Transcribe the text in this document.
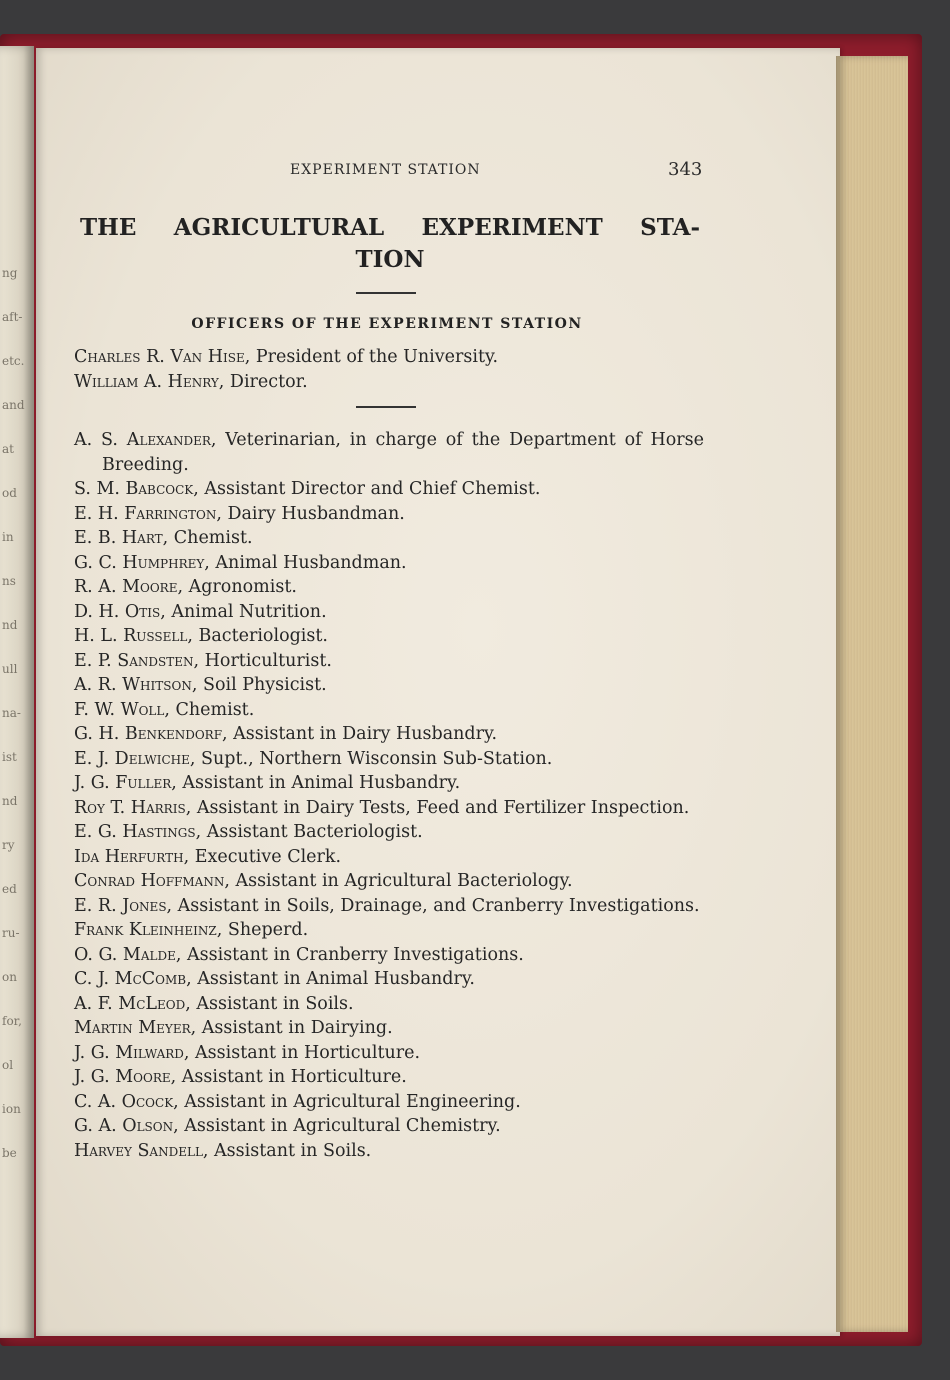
ng
aft-
etc.
and
at
od
in
ns
nd
ull
na-
ist
nd
ry
ed
ru-
on
for,
ol
ion
be
EXPERIMENT STATION	343
THE AGRICULTURAL EXPERIMENT STA-
TION
OFFICERS OF THE EXPERIMENT STATION
Charles R. Van Hise, President of the University.
William A. Henry, Director.
A. S. Alexander, Veterinarian, in charge of the Department of Horse Breeding.
S. M. Babcock, Assistant Director and Chief Chemist.
E. H. Farrington, Dairy Husbandman.
E. B. Hart, Chemist.
G. C. Humphrey, Animal Husbandman.
R. A. Moore, Agronomist.
D. H. Otis, Animal Nutrition.
H. L. Russell, Bacteriologist.
E. P. Sandsten, Horticulturist.
A. R. Whitson, Soil Physicist.
F. W. Woll, Chemist.
G. H. Benkendorf, Assistant in Dairy Husbandry.
E. J. Delwiche, Supt., Northern Wisconsin Sub-Station.
J. G. Fuller, Assistant in Animal Husbandry.
Roy T. Harris, Assistant in Dairy Tests, Feed and Fertilizer Inspection.
E. G. Hastings, Assistant Bacteriologist.
Ida Herfurth, Executive Clerk.
Conrad Hoffmann, Assistant in Agricultural Bacteriology.
E. R. Jones, Assistant in Soils, Drainage, and Cranberry Investigations.
Frank Kleinheinz, Sheperd.
O. G. Malde, Assistant in Cranberry Investigations.
C. J. McComb, Assistant in Animal Husbandry.
A. F. McLeod, Assistant in Soils.
Martin Meyer, Assistant in Dairying.
J. G. Milward, Assistant in Horticulture.
J. G. Moore, Assistant in Horticulture.
C. A. Ocock, Assistant in Agricultural Engineering.
G. A. Olson, Assistant in Agricultural Chemistry.
Harvey Sandell, Assistant in Soils.
